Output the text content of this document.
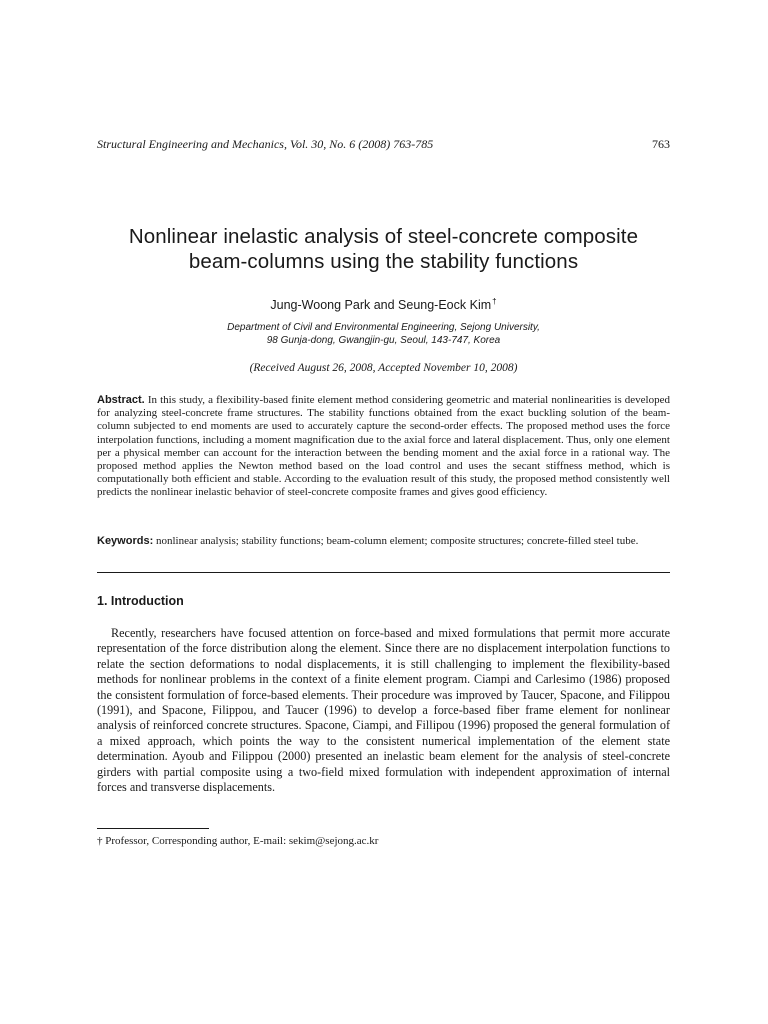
Structural Engineering and Mechanics, Vol. 30, No. 6 (2008) 763-785	763
Nonlinear inelastic analysis of steel-concrete composite beam-columns using the stability functions
Jung-Woong Park and Seung-Eock Kim†
Department of Civil and Environmental Engineering, Sejong University,
98 Gunja-dong, Gwangjin-gu, Seoul, 143-747, Korea
(Received August 26, 2008, Accepted November 10, 2008)
Abstract. In this study, a flexibility-based finite element method considering geometric and material nonlinearities is developed for analyzing steel-concrete frame structures. The stability functions obtained from the exact buckling solution of the beam-column subjected to end moments are used to accurately capture the second-order effects. The proposed method uses the force interpolation functions, including a moment magnification due to the axial force and lateral displacement. Thus, only one element per a physical member can account for the interaction between the bending moment and the axial force in a rational way. The proposed method applies the Newton method based on the load control and uses the secant stiffness method, which is computationally both efficient and stable. According to the evaluation result of this study, the proposed method consistently well predicts the nonlinear inelastic behavior of steel-concrete composite frames and gives good efficiency.
Keywords: nonlinear analysis; stability functions; beam-column element; composite structures; concrete-filled steel tube.
1. Introduction

Recently, researchers have focused attention on force-based and mixed formulations that permit more accurate representation of the force distribution along the element. Since there are no displacement interpolation functions to relate the section deformations to nodal displacements, it is still challenging to implement the flexibility-based methods for nonlinear problems in the context of a finite element program. Ciampi and Carlesimo (1986) proposed the consistent formulation of force-based elements. Their procedure was improved by Taucer, Spacone, and Filippou (1991), and Spacone, Filippou, and Taucer (1996) to develop a force-based fiber frame element for nonlinear analysis of reinforced concrete structures. Spacone, Ciampi, and Fillipou (1996) proposed the general formulation of a mixed approach, which points the way to the consistent numerical implementation of the element state determination. Ayoub and Filippou (2000) presented an inelastic beam element for the analysis of steel-concrete girders with partial composite using a two-field mixed formulation with independent approximation of internal forces and transverse displacements.

† Professor, Corresponding author, E-mail: sekim@sejong.ac.kr
